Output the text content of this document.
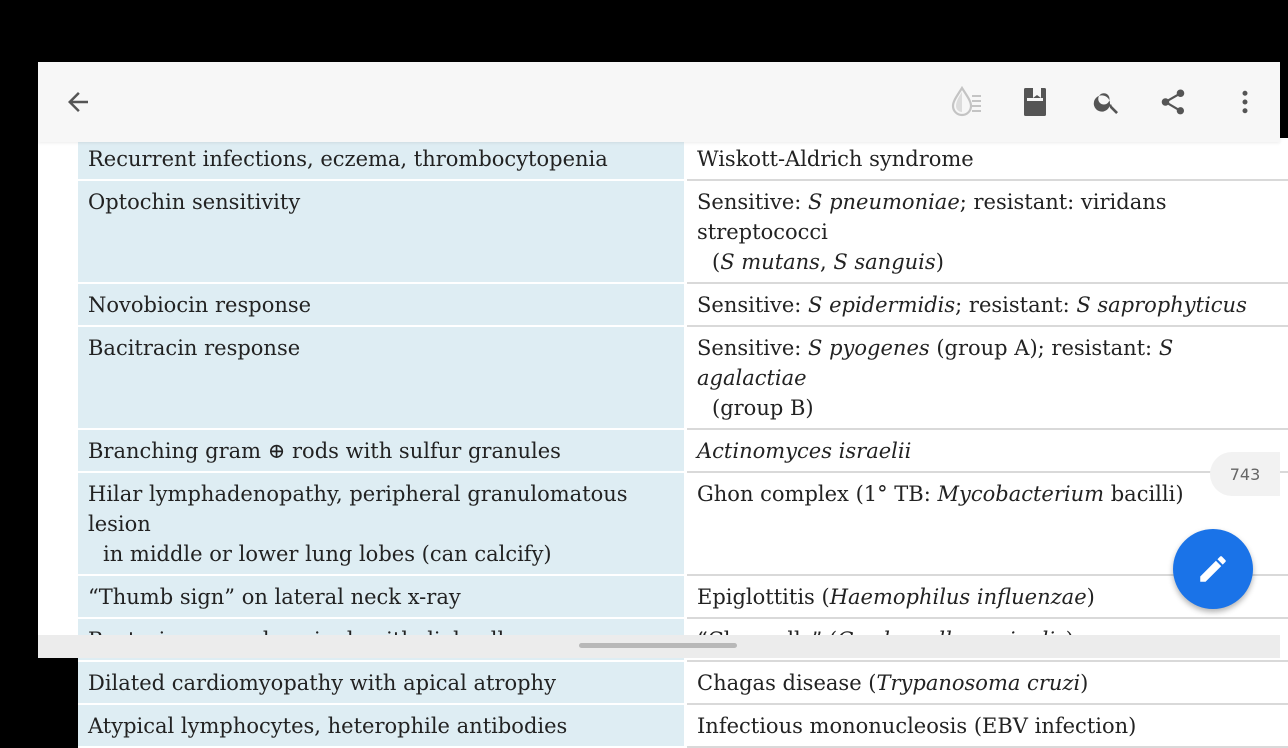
Recurrent infections, eczema, thrombocytopenia	Wiskott-Aldrich syndrome
Optochin sensitivity	Sensitive: S pneumoniae; resistant: viridans streptococci
(S mutans, S sanguis)

Novobiocin response	Sensitive: S epidermidis; resistant: S saprophyticus
Bacitracin response	Sensitive: S pyogenes (group A); resistant: S agalactiae
(group B)

Branching gram ⊕ rods with sulfur granules	Actinomyces israelii
Hilar lymphadenopathy, peripheral granulomatous lesion
in middle or lower lung lobes (can calcify)	Ghon complex (1° TB: Mycobacterium bacilli)
“Thumb sign” on lateral neck x-ray	Epiglottitis (Haemophilus influenzae)

Dilated cardiomyopathy with apical atrophy	Chagas disease (Trypanosoma cruzi)
Atypical lymphocytes, heterophile antibodies	Infectious mononucleosis (EBV infection)
743
